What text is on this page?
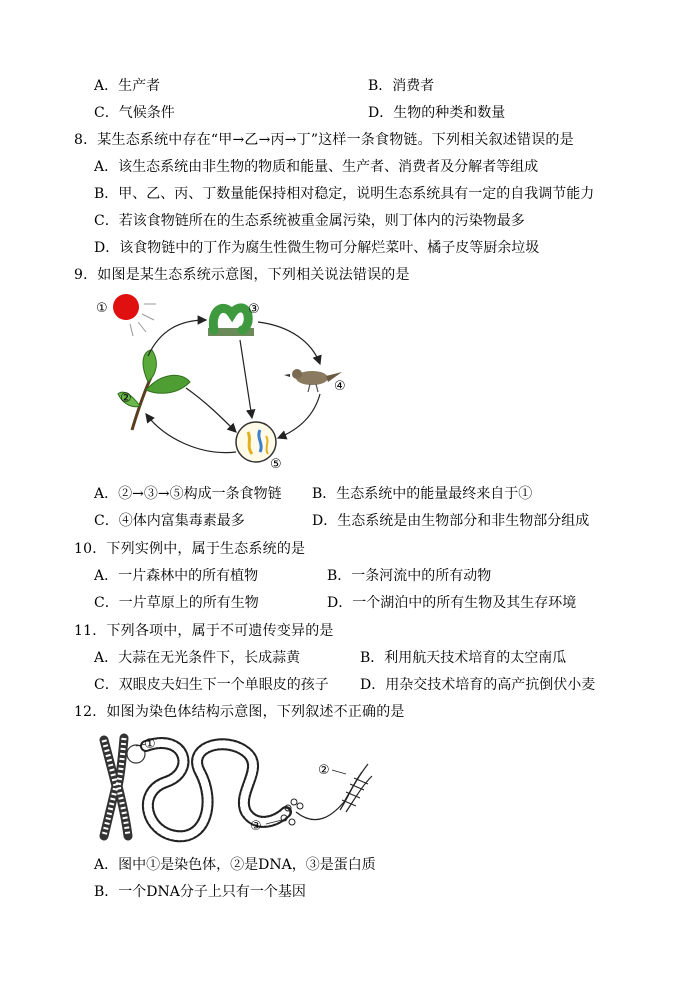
A．生产者	B．消费者
C．气候条件	D．生物的种类和数量
8．某生态系统中存在“甲→乙→丙→丁”这样一条食物链。下列相关叙述错误的是
A．该生态系统由非生物的物质和能量、生产者、消费者及分解者等组成
B．甲、乙、丙、丁数量能保持相对稳定，说明生态系统具有一定的自我调节能力
C．若该食物链所在的生态系统被重金属污染，则丁体内的污染物最多
D．该食物链中的丁作为腐生性微生物可分解烂菜叶、橘子皮等厨余垃圾
9．如图是某生态系统示意图，下列相关说法错误的是
①
②
③
④
⑤
A．②→③→⑤构成一条食物链 B．生态系统中的能量最终来自于①
C．④体内富集毒素最多	D．生态系统是由生物部分和非生物部分组成
10．下列实例中，属于生态系统的是
A．一片森林中的所有植物	B．一条河流中的所有动物
C．一片草原上的所有生物	D．一个湖泊中的所有生物及其生存环境
11．下列各项中，属于不可遗传变异的是
A．大蒜在无光条件下，长成蒜黄	B．利用航天技术培育的太空南瓜
C．双眼皮夫妇生下一个单眼皮的孩子 D．用杂交技术培育的高产抗倒伏小麦
12．如图为染色体结构示意图，下列叙述不正确的是
①
②
③
A．图中①是染色体，②是DNA，③是蛋白质
B．一个DNA分子上只有一个基因
